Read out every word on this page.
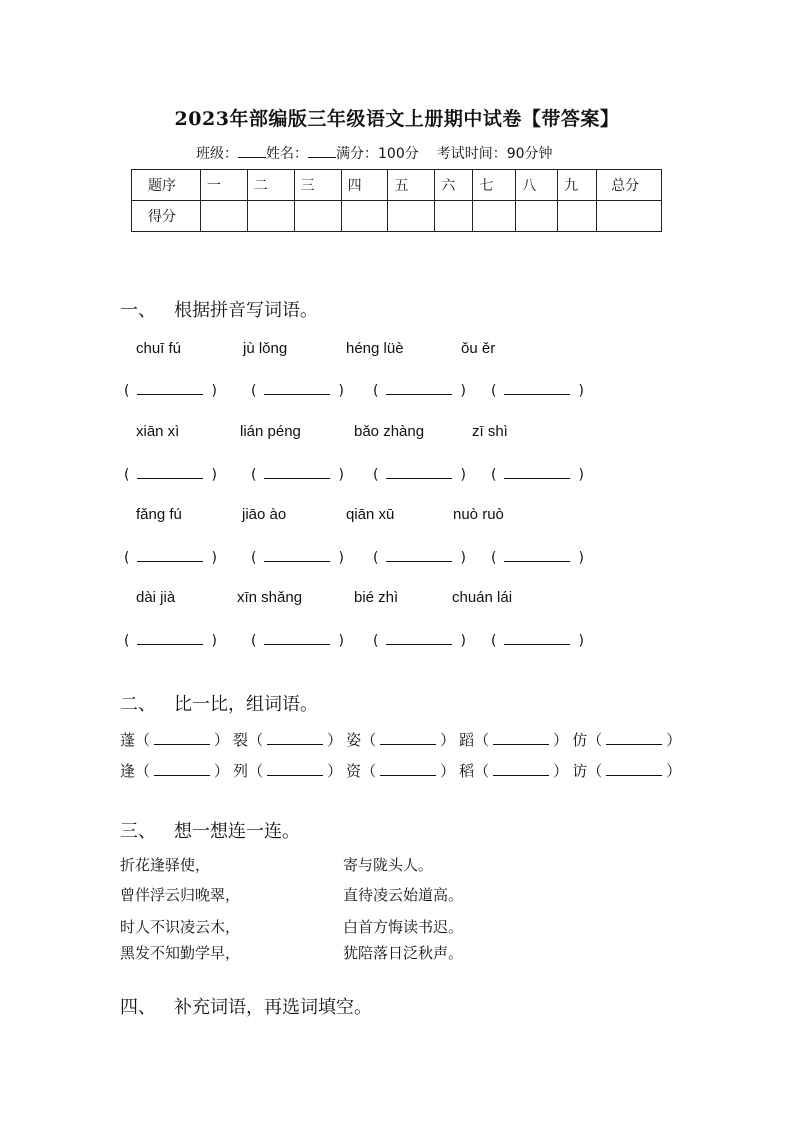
2023年部编版三年级语文上册期中试卷【带答案】
班级： 姓名： 满分：100分 考试时间：90分钟
题序	一	二	三	四	五	六	七	八	九	总分
得分										
一、 根据拼音写词语。
chuī fú	jù lǒng	héng lüè	ǒu ěr
(	) (	) (	) (	)
xiān xì	lián péng	bǎo zhàng	zī shì
(	) (	) (	) (	)
fǎng fú	jiāo ào	qiān xū	nuò ruò
(	) (	) (	) (	)
dài jià	xīn shǎng	bié zhì	chuán lái
(	) (	) (	) (	)
二、 比一比，组词语。
蓬（	） 裂（	） 姿（	） 蹈（	） 仿（	）
逢（	） 列（	） 资（	） 稻（	） 访（	）
三、 想一想连一连。
折花逢驿使，
曾伴浮云归晚翠，
时人不识凌云木，
黑发不知勤学早，
寄与陇头人。
直待凌云始道高。
白首方悔读书迟。
犹陪落日泛秋声。
四、 补充词语，再选词填空。
